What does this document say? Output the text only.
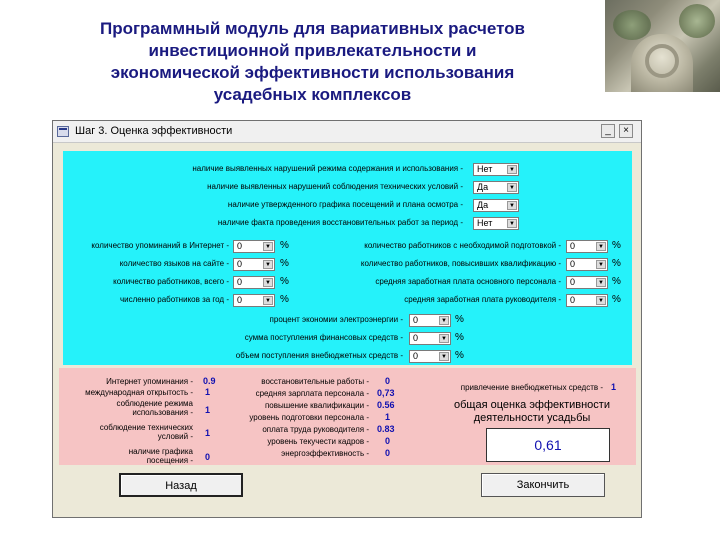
Программный модуль для вариативных расчетов
инвестиционной привлекательности и
экономической эффективности использования
усадебных комплексов
Шаг 3. Оценка эффективности	_	×
наличие выявленных нарушений режима содержания и использования -	Нет	▼
наличие выявленных нарушений соблюдения технических условий -	Да	▼
наличие утвержденного графика посещений и плана осмотра -	Да	▼
наличие факта проведения восстановительных работ за период -	Нет	▼
количество упоминаний в Интернет - 0	▼ %
количество языков на сайте - 0	▼ %
количество работников, всего - 0	▼ %
численно работников за год - 0	▼ %
количество работников с необходимой подготовкой -	0	▼ %
количество работников, повысивших квалификацию -	0	▼ %
средняя заработная плата основного персонала -	0	▼ %
средняя заработная плата руководителя -	0	▼ %
процент экономии электроэнергии -	0	▼ %
сумма поступления финансовых средств -	0	▼ %
объем поступления внебюджетных средств -	0	▼ %
Интернет упоминания - 0.9
международная открытость - 1
соблюдение режима
использования - 1
соблюдение технических
условий - 1
наличие графика
посещения - 0
восстановительные работы - 0
средняя зарплата персонала - 0,73
повышение квалификации - 0.56
уровень подготовки персонала - 1
оплата труда руководителя - 0.83
уровень текучести кадров - 0
энергоэффективность - 0
привлечение внебюджетных средств - 1
общая оценка эффективности
деятельности усадьбы
0,61
Назад	Закончить
